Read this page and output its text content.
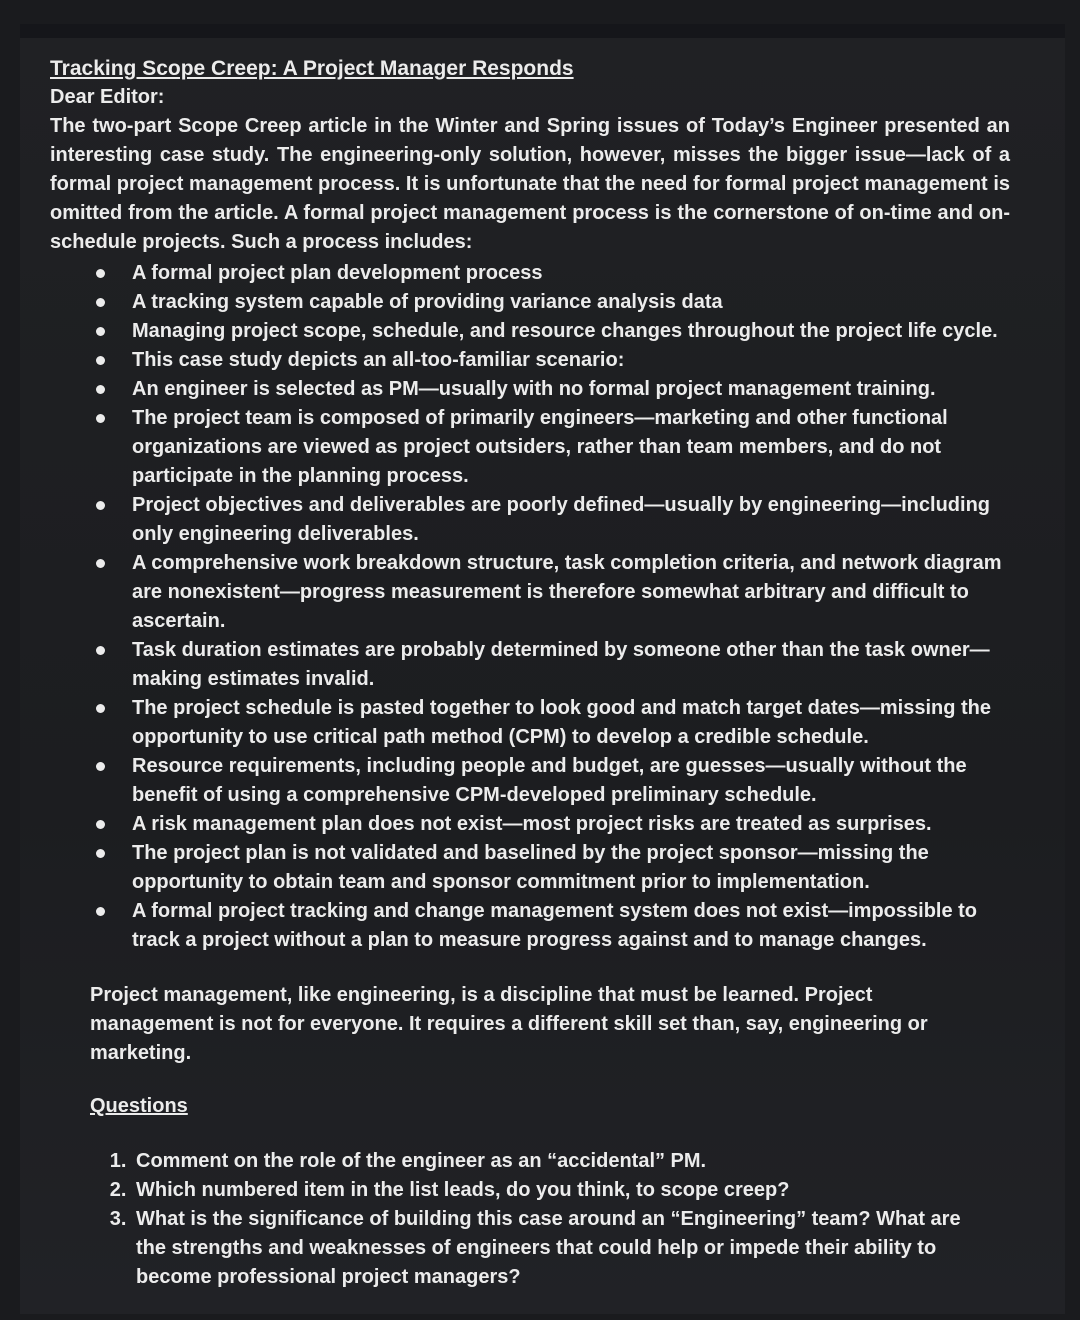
Tracking Scope Creep: A Project Manager Responds

Dear Editor:

The two-part Scope Creep article in the Winter and Spring issues of Today’s Engineer presented an interesting case study. The engineering-only solution, however, misses the bigger issue—lack of a formal project management process. It is unfortunate that the need for formal project management is omitted from the article. A formal project management process is the cornerstone of on-time and on-schedule projects. Such a process includes:

A formal project plan development process
A tracking system capable of providing variance analysis data
Managing project scope, schedule, and resource changes throughout the project life cycle.
This case study depicts an all-too-familiar scenario:
An engineer is selected as PM—usually with no formal project management training.
The project team is composed of primarily engineers—marketing and other functional organizations are viewed as project outsiders, rather than team members, and do not participate in the planning process.
Project objectives and deliverables are poorly defined—usually by engineering—including only engineering deliverables.
A comprehensive work breakdown structure, task completion criteria, and network diagram are nonexistent—progress measurement is therefore somewhat arbitrary and difficult to ascertain.
Task duration estimates are probably determined by someone other than the task owner—making estimates invalid.
The project schedule is pasted together to look good and match target dates—missing the opportunity to use critical path method (CPM) to develop a credible schedule.
Resource requirements, including people and budget, are guesses—usually without the benefit of using a comprehensive CPM-developed preliminary schedule.
A risk management plan does not exist—most project risks are treated as surprises.
The project plan is not validated and baselined by the project sponsor—missing the opportunity to obtain team and sponsor commitment prior to implementation.
A formal project tracking and change management system does not exist—impossible to track a project without a plan to measure progress against and to manage changes.

Project management, like engineering, is a discipline that must be learned. Project management is not for everyone. It requires a different skill set than, say, engineering or marketing.

Questions

1. Comment on the role of the engineer as an “accidental” PM.
2. Which numbered item in the list leads, do you think, to scope creep?
3. What is the significance of building this case around an “Engineering” team? What are the strengths and weaknesses of engineers that could help or impede their ability to become professional project managers?
